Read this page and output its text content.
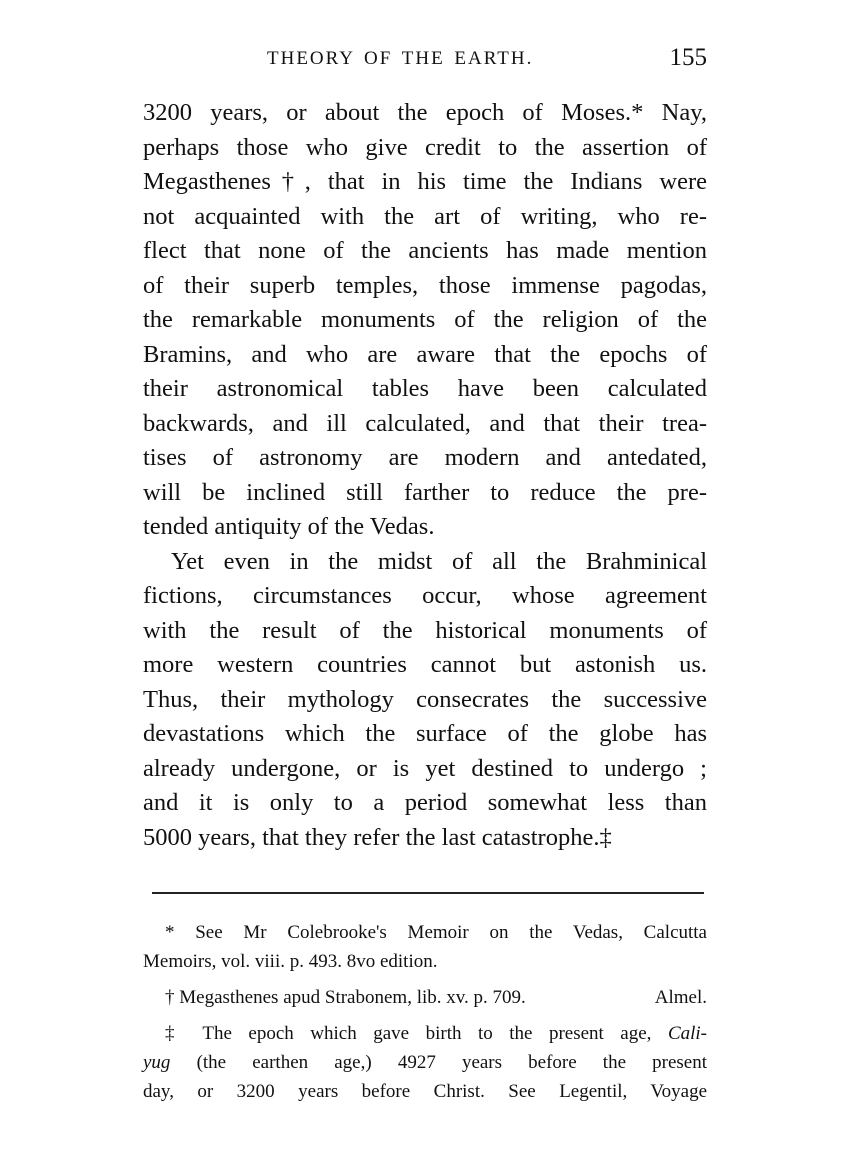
THEORY OF THE EARTH.	155
3200 years, or about the epoch of Moses.* Nay,
perhaps those who give credit to the assertion of
Megasthenes†, that in his time the Indians were
not acquainted with the art of writing, who re-
flect that none of the ancients has made mention
of their superb temples, those immense pagodas,
the remarkable monuments of the religion of the
Bramins, and who are aware that the epochs of
their astronomical tables have been calculated
backwards, and ill calculated, and that their trea-
tises of astronomy are modern and antedated,
will be inclined still farther to reduce the pre-
tended antiquity of the Vedas.
Yet even in the midst of all the Brahminical
fictions, circumstances occur, whose agreement
with the result of the historical monuments of
more western countries cannot but astonish us.
Thus, their mythology consecrates the successive
devastations which the surface of the globe has
already undergone, or is yet destined to undergo ;
and it is only to a period somewhat less than
5000 years, that they refer the last catastrophe.‡
* See Mr Colebrooke's Memoir on the Vedas, Calcutta
Memoirs, vol. viii. p. 493. 8vo edition.
† Megasthenes apud Strabonem, lib. xv. p. 709.	Almel.
‡ The epoch which gave birth to the present age, Cali-
yug (the earthen age,) 4927 years before the present
day, or 3200 years before Christ. See Legentil, Voyage
